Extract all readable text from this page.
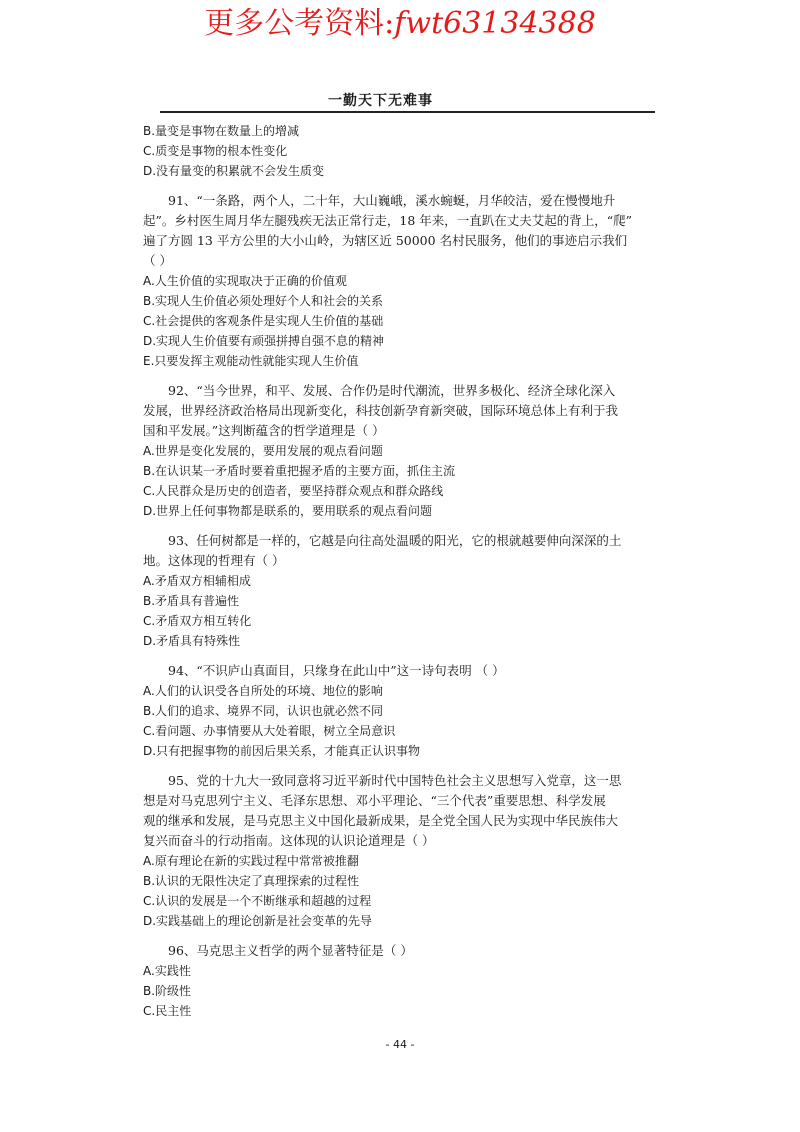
更多公考资料:fwt63134388
一勤天下无难事
B.量变是事物在数量上的增减
C.质变是事物的根本性变化
D.没有量变的积累就不会发生质变
91、“一条路，两个人，二十年，大山巍峨，溪水蜿蜒，月华皎洁，爱在慢慢地升
起”。乡村医生周月华左腿残疾无法正常行走，18 年来，一直趴在丈夫艾起的背上，“爬”
遍了方圆 13 平方公里的大小山岭，为辖区近 50000 名村民服务，他们的事迹启示我们
（ ）
A.人生价值的实现取决于正确的价值观
B.实现人生价值必须处理好个人和社会的关系
C.社会提供的客观条件是实现人生价值的基础
D.实现人生价值要有顽强拼搏自强不息的精神
E.只要发挥主观能动性就能实现人生价值
92、“当今世界，和平、发展、合作仍是时代潮流，世界多极化、经济全球化深入
发展，世界经济政治格局出现新变化，科技创新孕育新突破，国际环境总体上有利于我
国和平发展。”这判断蕴含的哲学道理是（ ）
A.世界是变化发展的，要用发展的观点看问题
B.在认识某一矛盾时要着重把握矛盾的主要方面，抓住主流
C.人民群众是历史的创造者，要坚持群众观点和群众路线
D.世界上任何事物都是联系的，要用联系的观点看问题
93、任何树都是一样的，它越是向往高处温暖的阳光，它的根就越要伸向深深的土
地。这体现的哲理有（ ）
A.矛盾双方相辅相成
B.矛盾具有普遍性
C.矛盾双方相互转化
D.矛盾具有特殊性
94、“不识庐山真面目，只缘身在此山中”这一诗句表明 （ ）
A.人们的认识受各自所处的环境、地位的影响
B.人们的追求、境界不同，认识也就必然不同
C.看问题、办事情要从大处着眼，树立全局意识
D.只有把握事物的前因后果关系，才能真正认识事物
95、党的十九大一致同意将习近平新时代中国特色社会主义思想写入党章，这一思
想是对马克思列宁主义、毛泽东思想、邓小平理论、“三个代表”重要思想、科学发展
观的继承和发展，是马克思主义中国化最新成果，是全党全国人民为实现中华民族伟大
复兴而奋斗的行动指南。这体现的认识论道理是（ ）
A.原有理论在新的实践过程中常常被推翻
B.认识的无限性决定了真理探索的过程性
C.认识的发展是一个不断继承和超越的过程
D.实践基础上的理论创新是社会变革的先导
96、马克思主义哲学的两个显著特征是（ ）
A.实践性
B.阶级性
C.民主性
- 44 -
